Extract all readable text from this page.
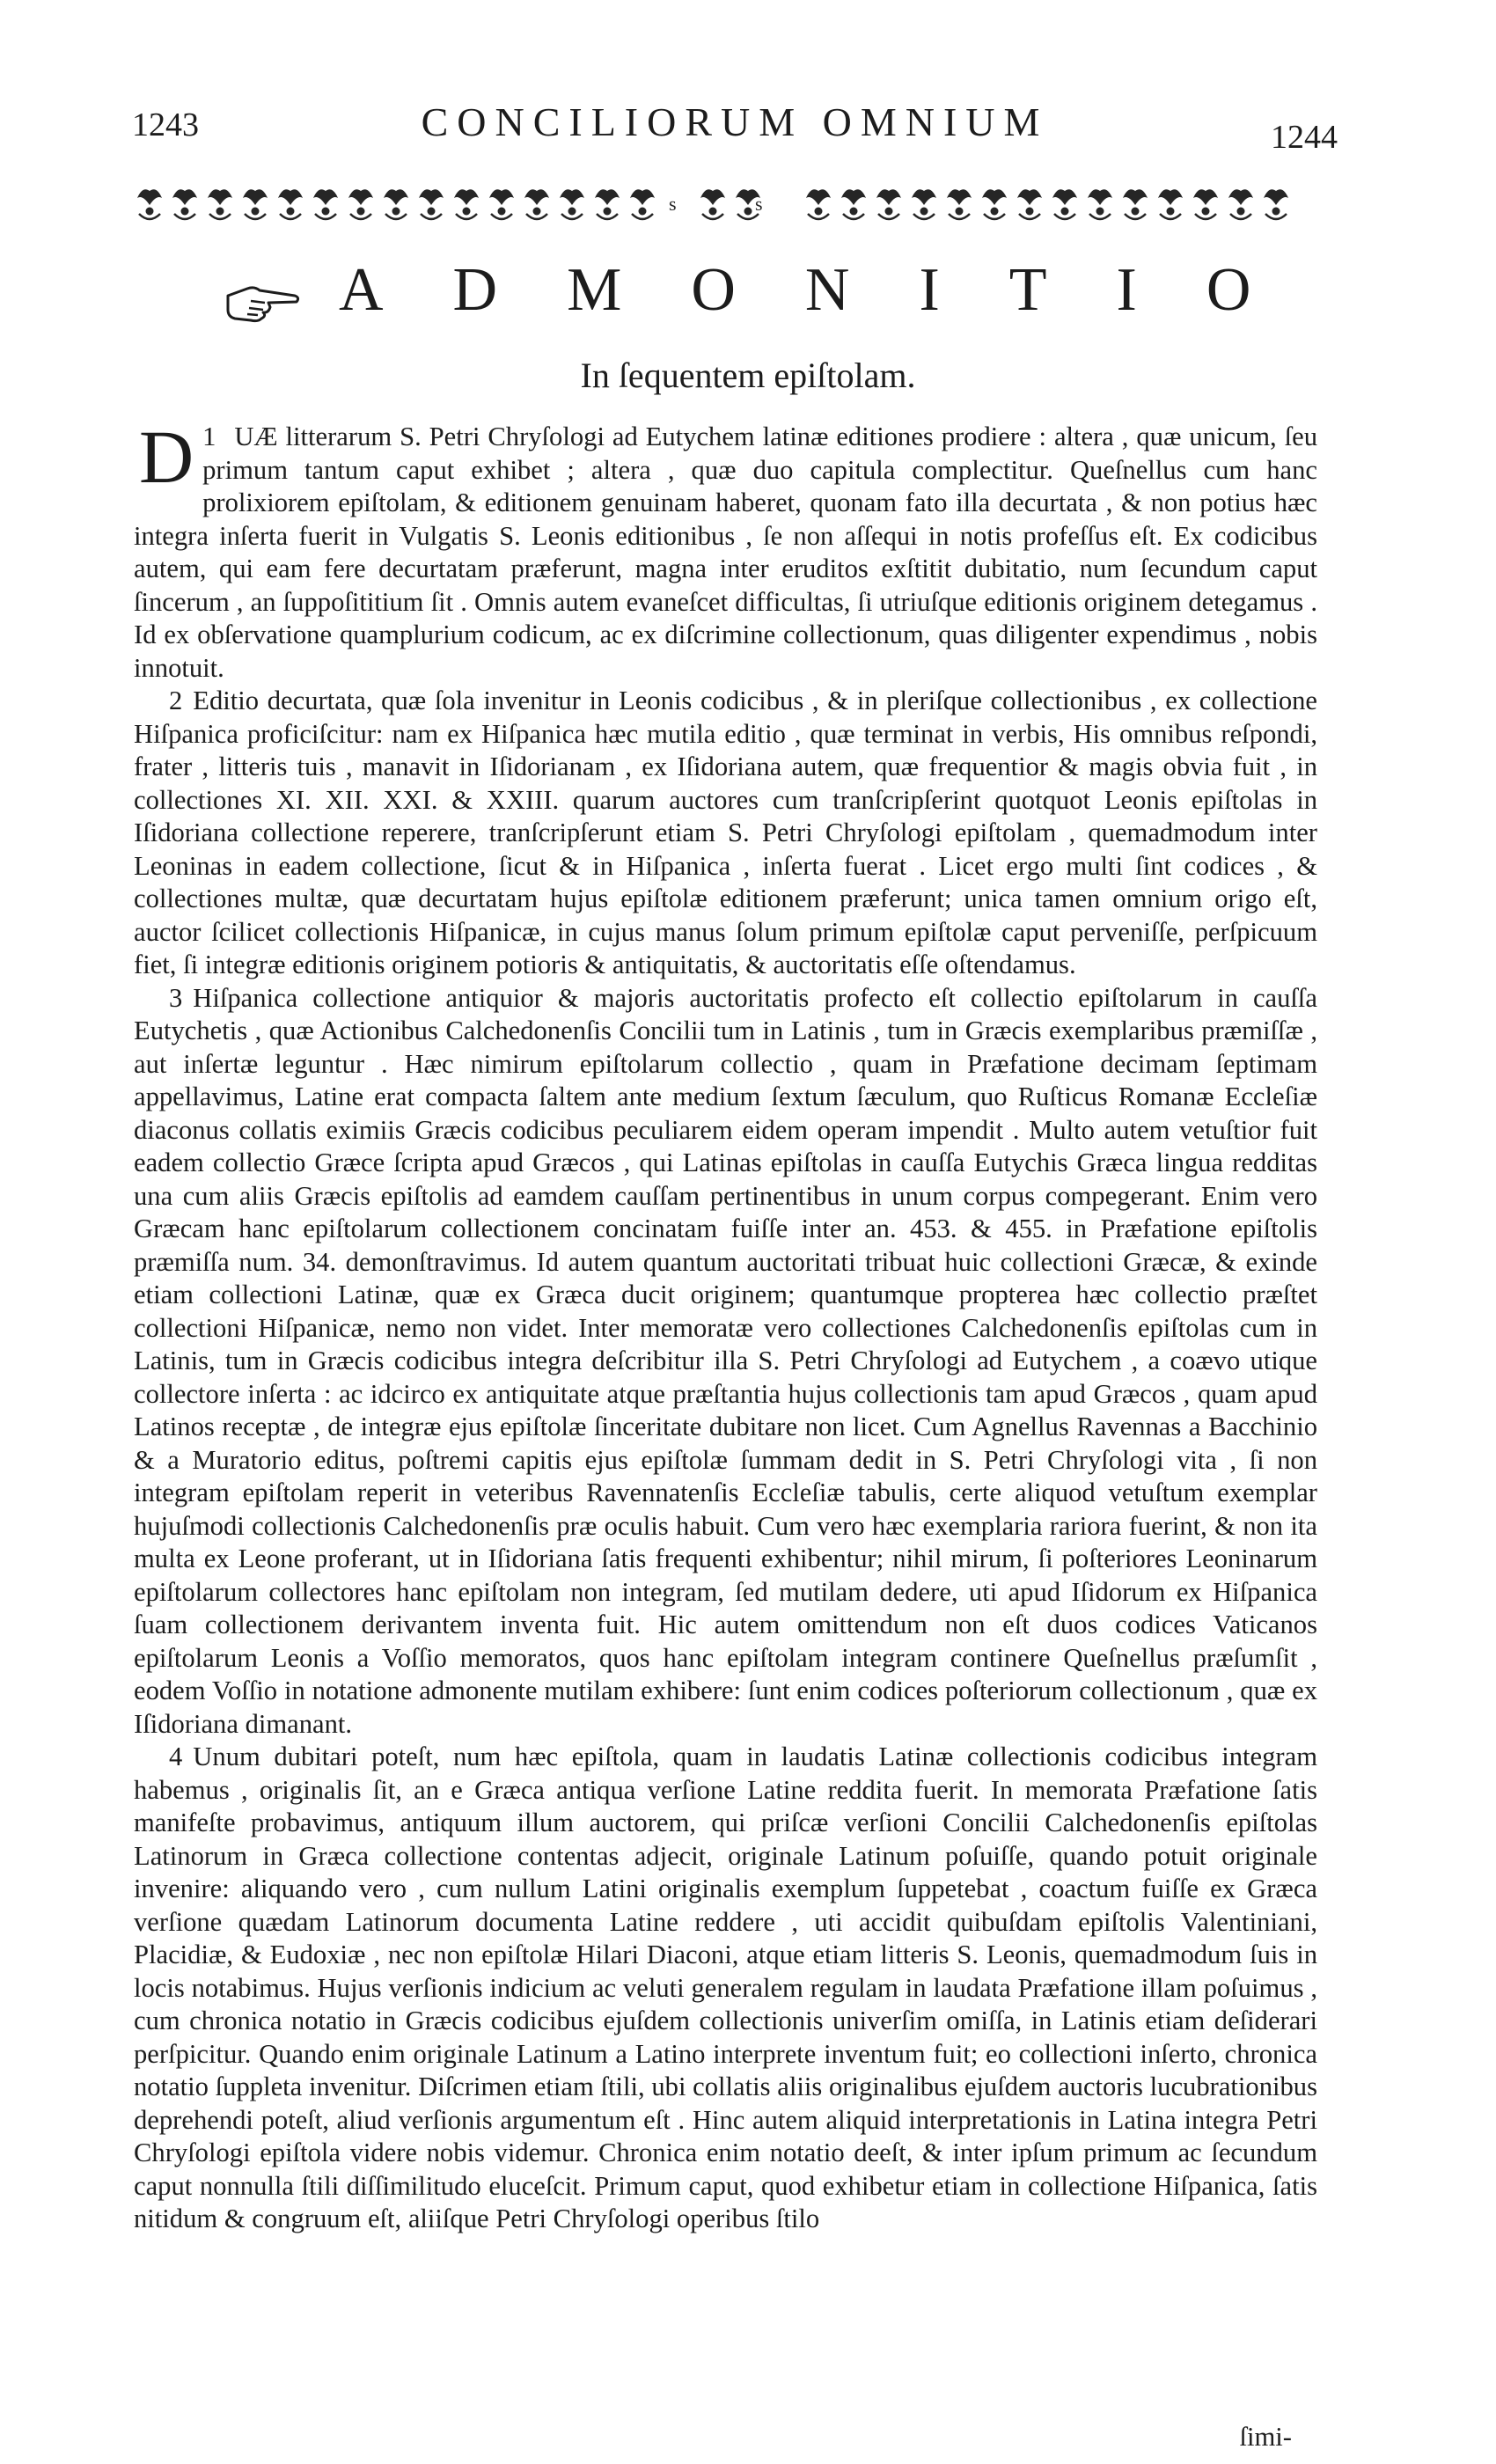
1243	CONCILIORUM OMNIUM	1244
s	s
ADMONITIO
In ſequentem epiſtolam.

1
D UÆ litterarum S. Petri Chryſologi ad Eutychem latinæ editiones prodiere : altera , quæ unicum, ſeu primum tantum caput exhibet ; altera , quæ duo capitula complectitur. Queſnellus cum hanc prolixiorem epiſtolam, & editionem genuinam haberet, quonam fato illa decurtata , & non potius hæc integra inſerta fuerit in Vulgatis S. Leonis editionibus , ſe non aſſequi in notis profeſſus eſt. Ex codicibus autem, qui eam fere decurtatam præferunt, magna inter eruditos exſtitit dubitatio, num ſecundum caput ſincerum , an ſuppoſititium ſit . Omnis autem evaneſcet difficultas, ſi utriuſque editionis originem detegamus . Id ex obſervatione quamplurium codicum, ac ex diſcrimine collectionum, quas diligenter expendimus , nobis innotuit.

2 Editio decurtata, quæ ſola invenitur in Leonis codicibus , & in pleriſque collectionibus , ex collectione Hiſpanica proficiſcitur: nam ex Hiſpanica hæc mutila editio , quæ terminat in verbis, His omnibus reſpondi, frater , litteris tuis , manavit in Iſidorianam , ex Iſidoriana autem, quæ frequentior & magis obvia fuit , in collectiones XI. XII. XXI. & XXIII. quarum auctores cum tranſcripſerint quotquot Leonis epiſtolas in Iſidoriana collectione reperere, tranſcripſerunt etiam S. Petri Chryſologi epiſtolam , quemadmodum inter Leoninas in eadem collectione, ſicut & in Hiſpanica , inſerta fuerat . Licet ergo multi ſint codices , & collectiones multæ, quæ decurtatam hujus epiſtolæ editionem præferunt; unica tamen omnium origo eſt, auctor ſcilicet collectionis Hiſpanicæ, in cujus manus ſolum primum epiſtolæ caput perveniſſe, perſpicuum fiet, ſi integræ editionis originem potioris & antiquitatis, & auctoritatis eſſe oſtendamus.

3 Hiſpanica collectione antiquior & majoris auctoritatis profecto eſt collectio epiſtolarum in cauſſa Eutychetis , quæ Actionibus Calchedonenſis Concilii tum in Latinis , tum in Græcis exemplaribus præmiſſæ , aut inſertæ leguntur . Hæc nimirum epiſtolarum collectio , quam in Præfatione decimam ſeptimam appellavimus, Latine erat compacta ſaltem ante medium ſextum ſæculum, quo Ruſticus Romanæ Eccleſiæ diaconus collatis eximiis Græcis codicibus peculiarem eidem operam impendit . Multo autem vetuſtior fuit eadem collectio Græce ſcripta apud Græcos , qui Latinas epiſtolas in cauſſa Eutychis Græca lingua redditas una cum aliis Græcis epiſtolis ad eamdem cauſſam pertinentibus in unum corpus compegerant. Enim vero Græcam hanc epiſtolarum collectionem concinatam fuiſſe inter an. 453. & 455. in Præfatione epiſtolis præmiſſa num. 34. demonſtravimus. Id autem quantum auctoritati tribuat huic collectioni Græcæ, & exinde etiam collectioni Latinæ, quæ ex Græca ducit originem; quantumque propterea hæc collectio præſtet collectioni Hiſpanicæ, nemo non videt. Inter memoratæ vero collectiones Calchedonenſis epiſtolas cum in Latinis, tum in Græcis codicibus integra deſcribitur illa S. Petri Chryſologi ad Eutychem , a coævo utique collectore inſerta : ac idcirco ex antiquitate atque præſtantia hujus collectionis tam apud Græcos , quam apud Latinos receptæ , de integræ ejus epiſtolæ ſinceritate dubitare non licet. Cum Agnellus Ravennas a Bacchinio & a Muratorio editus, poſtremi capitis ejus epiſtolæ ſummam dedit in S. Petri Chryſologi vita , ſi non integram epiſtolam reperit in veteribus Ravennatenſis Eccleſiæ tabulis, certe aliquod vetuſtum exemplar hujuſmodi collectionis Calchedonenſis præ oculis habuit. Cum vero hæc exemplaria rariora fuerint, & non ita multa ex Leone proferant, ut in Iſidoriana ſatis frequenti exhibentur; nihil mirum, ſi poſteriores Leoninarum epiſtolarum collectores hanc epiſtolam non integram, ſed mutilam dedere, uti apud Iſidorum ex Hiſpanica ſuam collectionem derivantem inventa fuit. Hic autem omittendum non eſt duos codices Vaticanos epiſtolarum Leonis a Voſſio memoratos, quos hanc epiſtolam integram continere Queſnellus præſumſit , eodem Voſſio in notatione admonente mutilam exhibere: ſunt enim codices poſteriorum collectionum , quæ ex Iſidoriana dimanant.

4 Unum dubitari poteſt, num hæc epiſtola, quam in laudatis Latinæ collectionis codicibus integram habemus , originalis ſit, an e Græca antiqua verſione Latine reddita fuerit. In memorata Præfatione ſatis manifeſte probavimus, antiquum illum auctorem, qui priſcæ verſioni Concilii Calchedonenſis epiſtolas Latinorum in Græca collectione contentas adjecit, originale Latinum poſuiſſe, quando potuit originale invenire: aliquando vero , cum nullum Latini originalis exemplum ſuppetebat , coactum fuiſſe ex Græca verſione quædam Latinorum documenta Latine reddere , uti accidit quibuſdam epiſtolis Valentiniani, Placidiæ, & Eudoxiæ , nec non epiſtolæ Hilari Diaconi, atque etiam litteris S. Leonis, quemadmodum ſuis in locis notabimus. Hujus verſionis indicium ac veluti generalem regulam in laudata Præfatione illam poſuimus , cum chronica notatio in Græcis codicibus ejuſdem collectionis univerſim omiſſa, in Latinis etiam deſiderari perſpicitur. Quando enim originale Latinum a Latino interprete inventum fuit; eo collectioni inſerto, chronica notatio ſuppleta invenitur. Diſcrimen etiam ſtili, ubi collatis aliis originalibus ejuſdem auctoris lucubrationibus deprehendi poteſt, aliud verſionis argumentum eſt . Hinc autem aliquid interpretationis in Latina integra Petri Chryſologi epiſtola videre nobis videmur. Chronica enim notatio deeſt, & inter ipſum primum ac ſecundum caput nonnulla ſtili diſſimilitudo eluceſcit. Primum caput, quod exhibetur etiam in collectione Hiſpanica, ſatis nitidum & congruum eſt, aliiſque Petri Chryſologi operibus ſtilo

ſimi-
